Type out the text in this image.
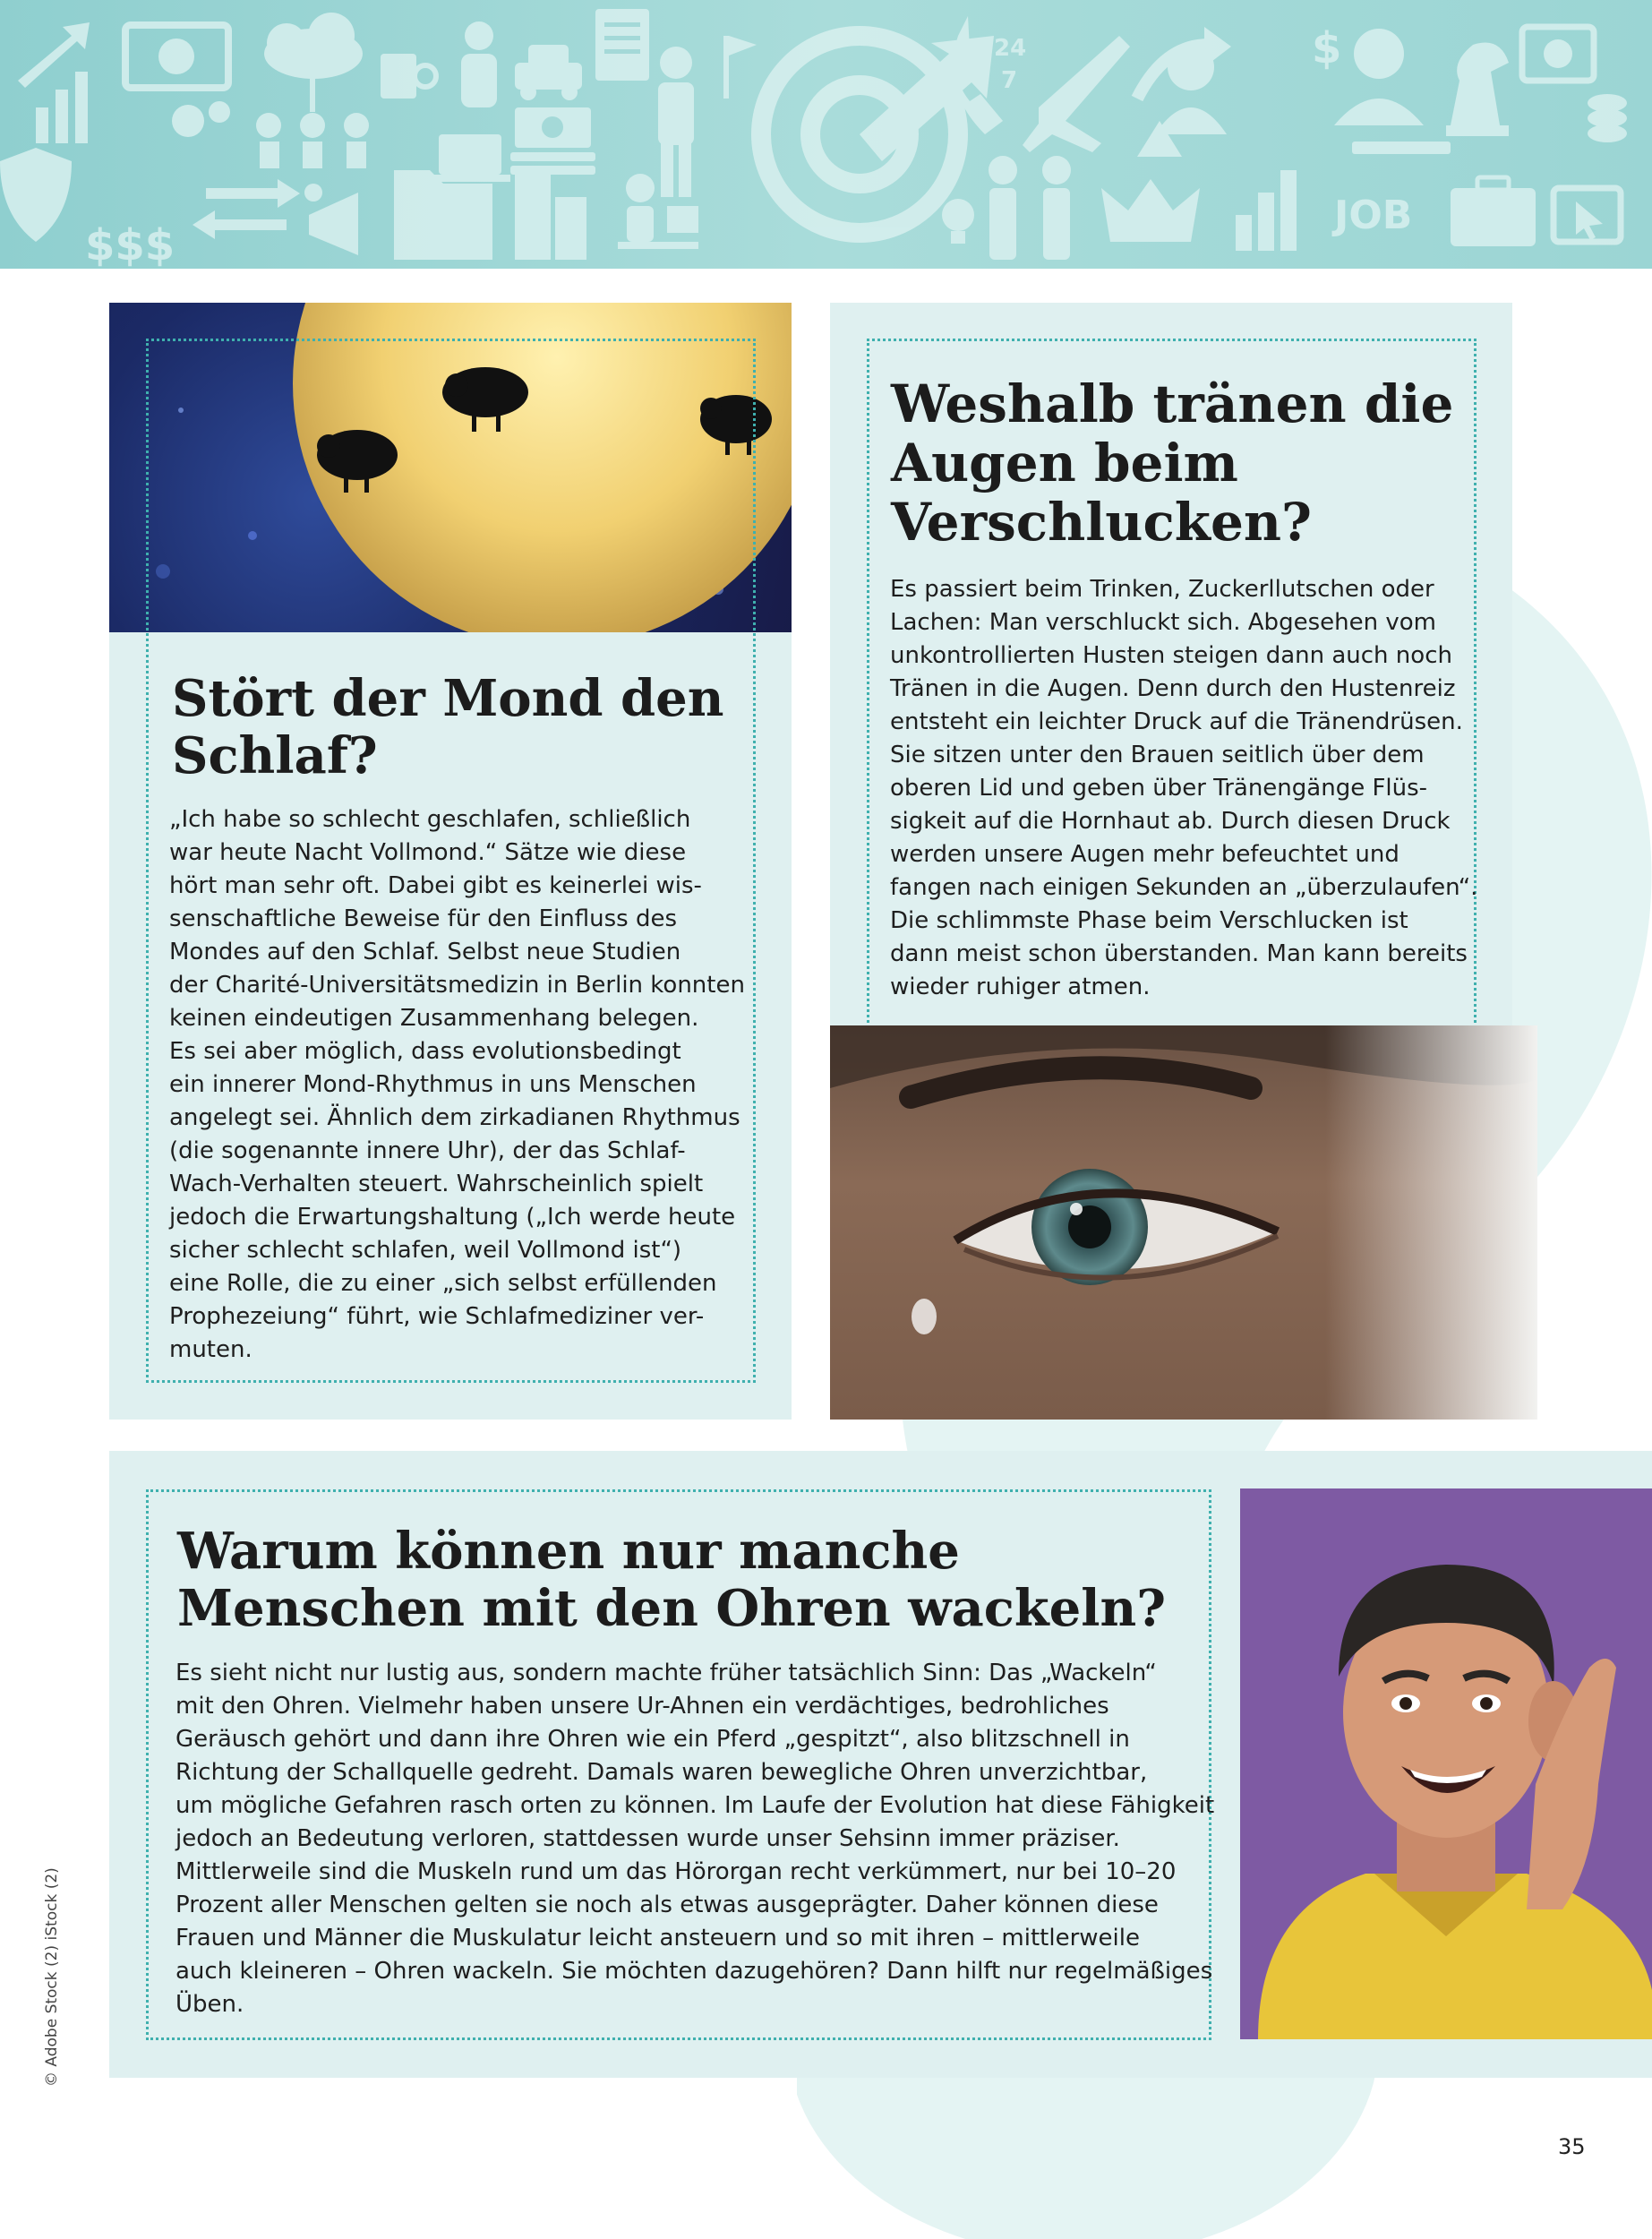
24
7
$
$$$
JOB
Stört der Mond den
Schlaf?
„Ich habe so schlecht geschlafen, schließlich
war heute Nacht Vollmond.“ Sätze wie diese
hört man sehr oft. Dabei gibt es keinerlei wis-
senschaftliche Beweise für den Einfluss des
Mondes auf den Schlaf. Selbst neue Studien
der Charité-Universitätsmedizin in Berlin konnten
keinen eindeutigen Zusammenhang belegen.
Es sei aber möglich, dass evolutionsbedingt
ein innerer Mond-Rhythmus in uns Menschen
angelegt sei. Ähnlich dem zirkadianen Rhythmus
(die sogenannte innere Uhr), der das Schlaf-
Wach-Verhalten steuert. Wahrscheinlich spielt
jedoch die Erwartungshaltung („Ich werde heute
sicher schlecht schlafen, weil Vollmond ist“)
eine Rolle, die zu einer „sich selbst erfüllenden
Prophezeiung“ führt, wie Schlafmediziner ver-
muten.
Weshalb tränen die
Augen beim
Verschlucken?
Es passiert beim Trinken, Zuckerllutschen oder
Lachen: Man verschluckt sich. Abgesehen vom
unkontrollierten Husten steigen dann auch noch
Tränen in die Augen. Denn durch den Hustenreiz
entsteht ein leichter Druck auf die Tränendrüsen.
Sie sitzen unter den Brauen seitlich über dem
oberen Lid und geben über Tränengänge Flüs-
sigkeit auf die Hornhaut ab. Durch diesen Druck
werden unsere Augen mehr befeuchtet und
fangen nach einigen Sekunden an „überzulaufen“.
Die schlimmste Phase beim Verschlucken ist
dann meist schon überstanden. Man kann bereits
wieder ruhiger atmen.
Warum können nur manche
Menschen mit den Ohren wackeln?
Es sieht nicht nur lustig aus, sondern machte früher tatsächlich Sinn: Das „Wackeln“
mit den Ohren. Vielmehr haben unsere Ur-Ahnen ein verdächtiges, bedrohliches
Geräusch gehört und dann ihre Ohren wie ein Pferd „gespitzt“, also blitzschnell in
Richtung der Schallquelle gedreht. Damals waren bewegliche Ohren unverzichtbar,
um mögliche Gefahren rasch orten zu können. Im Laufe der Evolution hat diese Fähigkeit
jedoch an Bedeutung verloren, stattdessen wurde unser Sehsinn immer präziser.
Mittlerweile sind die Muskeln rund um das Hörorgan recht verkümmert, nur bei 10–20
Prozent aller Menschen gelten sie noch als etwas ausgeprägter. Daher können diese
Frauen und Männer die Muskulatur leicht ansteuern und so mit ihren – mittlerweile
auch kleineren – Ohren wackeln. Sie möchten dazugehören? Dann hilft nur regelmäßiges
Üben.
© Adobe Stock (2) iStock (2)
35
